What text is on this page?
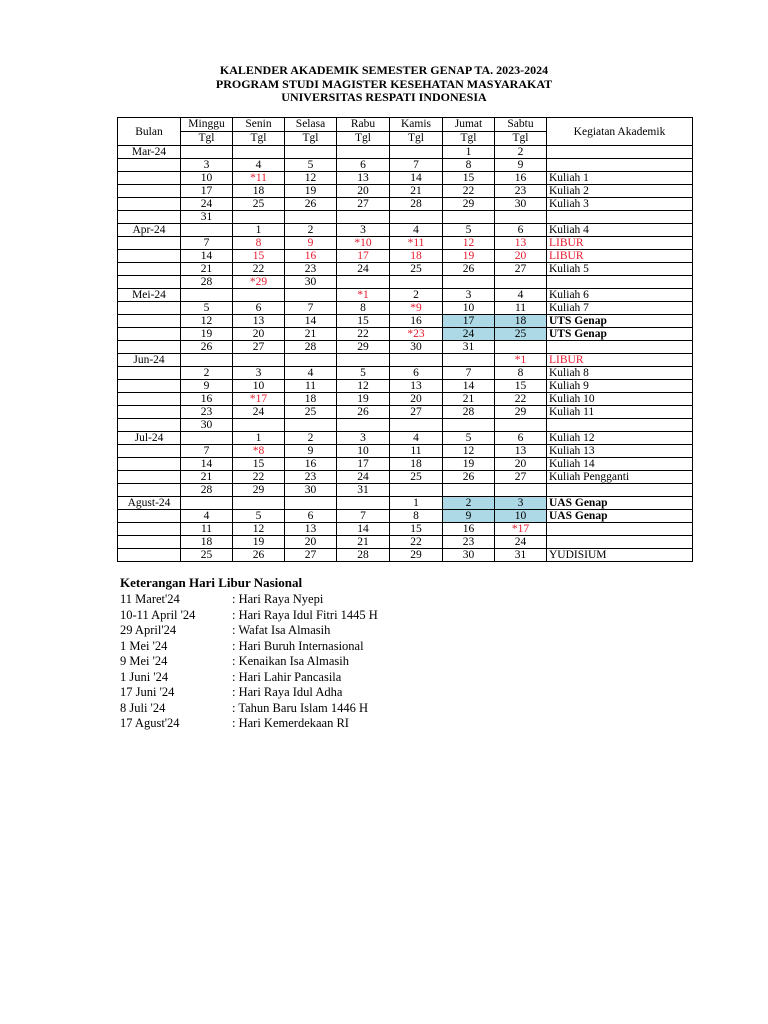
KALENDER AKADEMIK SEMESTER GENAP TA. 2023-2024
PROGRAM STUDI MAGISTER KESEHATAN MASYARAKAT
UNIVERSITAS RESPATI INDONESIA
Bulan	Minggu	Senin	Selasa	Rabu	Kamis	Jumat	Sabtu	Kegiatan Akademik
	Tgl	Tgl	Tgl	Tgl	Tgl	Tgl	Tgl	
Mar-24						1	2	
	3	4	5	6	7	8	9	
	10	*11	12	13	14	15	16	Kuliah 1
	17	18	19	20	21	22	23	Kuliah 2
	24	25	26	27	28	29	30	Kuliah 3
	31							
Apr-24		1	2	3	4	5	6	Kuliah 4
	7	8	9	*10	*11	12	13	LIBUR
	14	15	16	17	18	19	20	LIBUR
	21	22	23	24	25	26	27	Kuliah 5
	28	*29	30					
Mei-24				*1	2	3	4	Kuliah 6
	5	6	7	8	*9	10	11	Kuliah 7
	12	13	14	15	16	17	18	UTS Genap
	19	20	21	22	*23	24	25	UTS Genap
	26	27	28	29	30	31		
Jun-24							*1	LIBUR
	2	3	4	5	6	7	8	Kuliah 8
	9	10	11	12	13	14	15	Kuliah 9
	16	*17	18	19	20	21	22	Kuliah 10
	23	24	25	26	27	28	29	Kuliah 11
	30							
Jul-24		1	2	3	4	5	6	Kuliah 12
	7	*8	9	10	11	12	13	Kuliah 13
	14	15	16	17	18	19	20	Kuliah 14
	21	22	23	24	25	26	27	Kuliah Pengganti
	28	29	30	31				
Agust-24					1	2	3	UAS Genap
	4	5	6	7	8	9	10	UAS Genap
	11	12	13	14	15	16	*17	
	18	19	20	21	22	23	24	
	25	26	27	28	29	30	31	YUDISIUM
Keterangan Hari Libur Nasional
11 Maret'24	: Hari Raya Nyepi
10-11 April '24	: Hari Raya Idul Fitri 1445 H
29 April'24	: Wafat Isa Almasih
1 Mei '24	: Hari Buruh Internasional
9 Mei '24	: Kenaikan Isa Almasih
1 Juni '24	: Hari Lahir Pancasila
17 Juni '24	: Hari Raya Idul Adha
8 Juli '24	: Tahun Baru Islam 1446 H
17 Agust'24	: Hari Kemerdekaan RI
